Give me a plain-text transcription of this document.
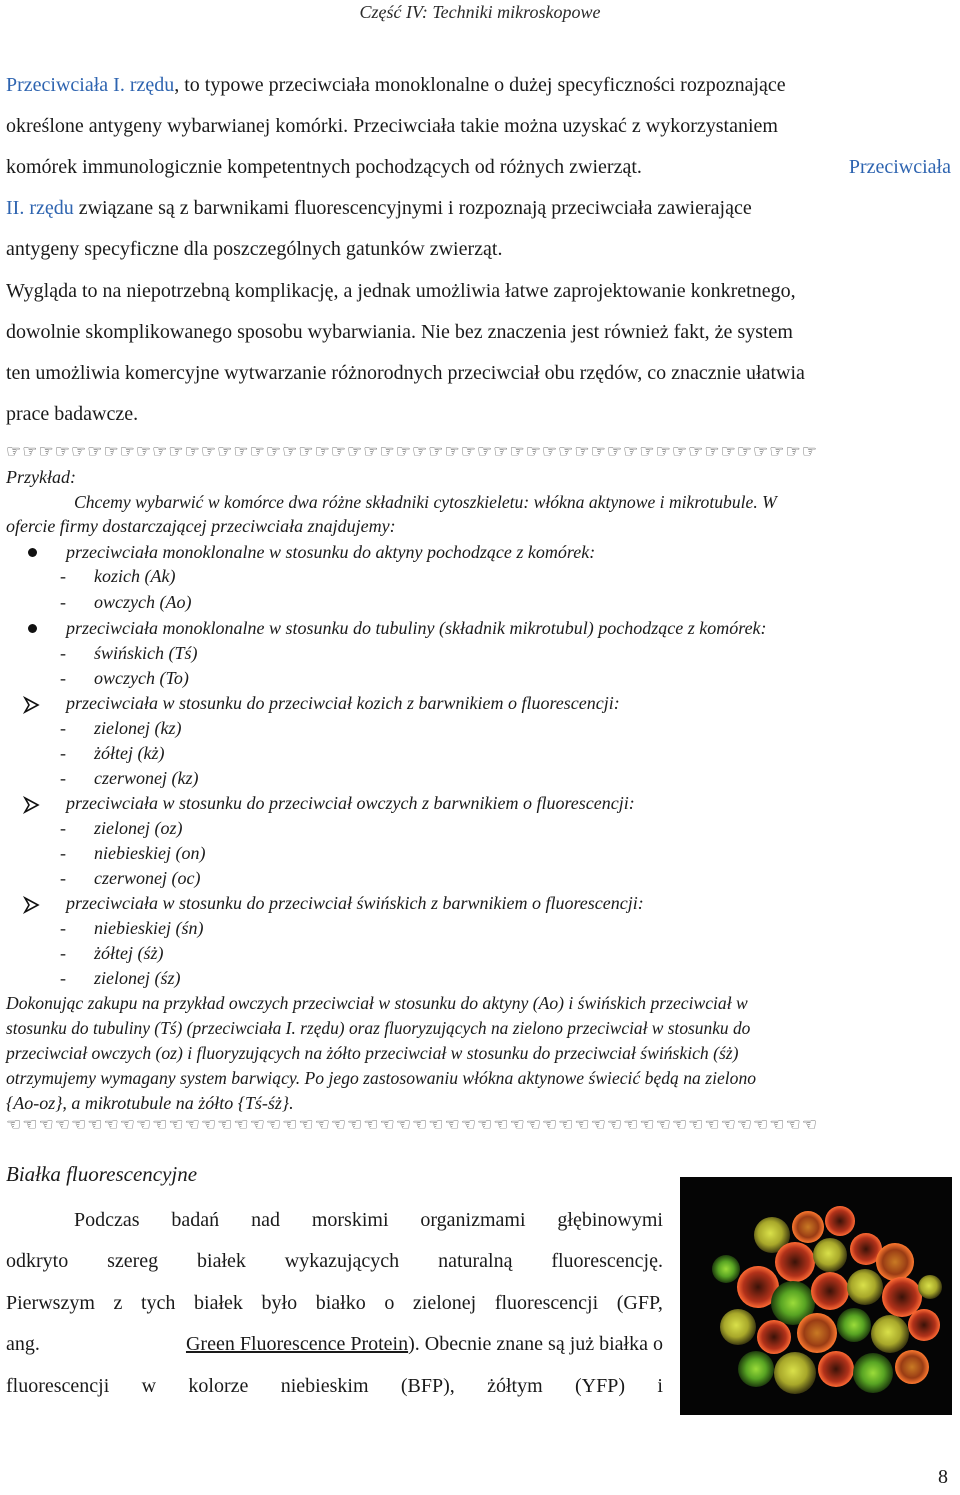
Część IV: Techniki mikroskopowe
Przeciwciała I. rzędu, to typowe przeciwciała monoklonalne o dużej specyficzności rozpoznające
określone antygeny wybarwianej komórki. Przeciwciała takie można uzyskać z wykorzystaniem
komórek immunologicznie kompetentnych pochodzących od różnych zwierząt.	Przeciwciała
II. rzędu związane są z barwnikami fluorescencyjnymi i rozpoznają przeciwciała zawierające
antygeny specyficzne dla poszczególnych gatunków zwierząt.
Wygląda to na niepotrzebną komplikację, a jednak umożliwia łatwe zaprojektowanie konkretnego,
dowolnie skomplikowanego sposobu wybarwiania. Nie bez znaczenia jest również fakt, że system
ten umożliwia komercyjne wytwarzanie różnorodnych przeciwciał obu rzędów, co znacznie ułatwia
prace badawcze.
☞☞☞☞☞☞☞☞☞☞☞☞☞☞☞☞☞☞☞☞☞☞☞☞☞☞☞☞☞☞☞☞☞☞☞☞☞☞☞☞☞☞☞☞☞☞☞☞☞☞
Przykład:
Chcemy wybarwić w komórce dwa różne składniki cytoszkieletu: włókna aktynowe i mikrotubule. W
ofercie firmy dostarczającej przeciwciała znajdujemy:
przeciwciała monoklonalne w stosunku do aktyny pochodzące z komórek:
- kozich (Ak)
- owczych (Ao)
przeciwciała monoklonalne w stosunku do tubuliny (składnik mikrotubul) pochodzące z komórek:
- świńskich (Tś)
- owczych (To)
przeciwciała w stosunku do przeciwciał kozich z barwnikiem o fluorescencji:
- zielonej (kz)
- żółtej (kż)
- czerwonej (kz)
przeciwciała w stosunku do przeciwciał owczych z barwnikiem o fluorescencji:
- zielonej (oz)
- niebieskiej (on)
- czerwonej (oc)
przeciwciała w stosunku do przeciwciał świńskich z barwnikiem o fluorescencji:
- niebieskiej (śn)
- żółtej (śż)
- zielonej (śz)
Dokonując zakupu na przykład owczych przeciwciał w stosunku do aktyny (Ao) i świńskich przeciwciał w
stosunku do tubuliny (Tś) (przeciwciała I. rzędu) oraz fluoryzujących na zielono przeciwciał w stosunku do
przeciwciał owczych (oz) i fluoryzujących na żółto przeciwciał w stosunku do przeciwciał świńskich (śż)
otrzymujemy wymagany system barwiący. Po jego zastosowaniu włókna aktynowe świecić będą na zielono
{Ao-oz}, a mikrotubule na żółto {Tś-śż}.
☜☜☜☜☜☜☜☜☜☜☜☜☜☜☜☜☜☜☜☜☜☜☜☜☜☜☜☜☜☜☜☜☜☜☜☜☜☜☜☜☜☜☜☜☜☜☜☜☜☜
Białka fluorescencyjne
Podczas badań nad morskimi organizmami głębinowymi
odkryto szereg białek wykazujących naturalną fluorescencję.
Pierwszym z tych białek było białko o zielonej fluorescencji (GFP,
ang.	Green Fluorescence Protein). Obecnie znane są już białka o
fluorescencji w kolorze niebieskim (BFP), żółtym (YFP) i
8
